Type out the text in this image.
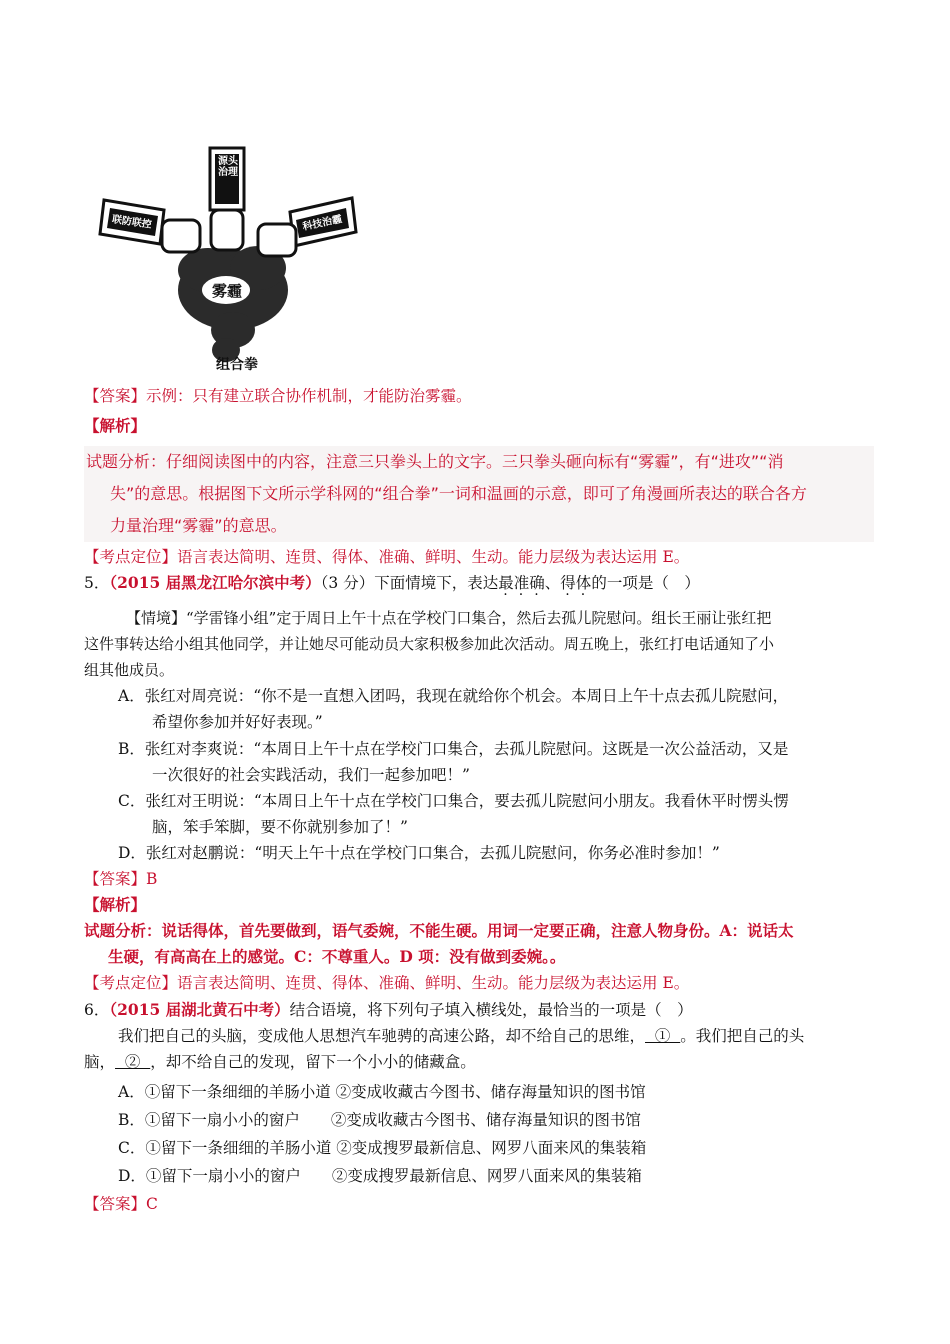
雾霾
源头治理
联防联控	科技治霾
组合拳
【答案】示例：只有建立联合协作机制，才能防治雾霾。
【解析】
试题分析：仔细阅读图中的内容，注意三只拳头上的文字。三只拳头砸向标有“雾霾”，有“进攻”“消
失”的意思。根据图下文所示学科网的“组合拳”一词和温画的示意，即可了角漫画所表达的联合各方
力量治理“雾霾”的意思。
【考点定位】语言表达简明、连贯、得体、准确、鲜明、生动。能力层级为表达运用 E。
5．（2015 届黑龙江哈尔滨中考）（3 分）下面情境下，表达最准确、得体的一项是（　）
【情境】“学雷锋小组”定于周日上午十点在学校门口集合，然后去孤儿院慰问。组长王丽让张红把
这件事转达给小组其他同学，并让她尽可能动员大家积极参加此次活动。周五晚上，张红打电话通知了小
组其他成员。
A．张红对周亮说：“你不是一直想入团吗，我现在就给你个机会。本周日上午十点去孤儿院慰问，
希望你参加并好好表现。”
B．张红对李爽说：“本周日上午十点在学校门口集合，去孤儿院慰问。这既是一次公益活动，又是
一次很好的社会实践活动，我们一起参加吧！”
C．张红对王明说：“本周日上午十点在学校门口集合，要去孤儿院慰问小朋友。我看休平时愣头愣
脑，笨手笨脚，要不你就别参加了！”
D．张红对赵鹏说：“明天上午十点在学校门口集合，去孤儿院慰问，你务必准时参加！”
【答案】B
【解析】
试题分析：说话得体，首先要做到，语气委婉，不能生硬。用词一定要正确，注意人物身份。A：说话太
生硬，有高高在上的感觉。C：不尊重人。D 项：没有做到委婉。。
【考点定位】语言表达简明、连贯、得体、准确、鲜明、生动。能力层级为表达运用 E。
6．（2015 届湖北黄石中考）结合语境，将下列句子填入横线处，最恰当的一项是（　）
我们把自己的头脑，变成他人思想汽车驰骋的高速公路，却不给自己的思维，  ①  。我们把自己的头
脑，  ②  ，却不给自己的发现，留下一个小小的储藏盒。
A．①留下一条细细的羊肠小道 ②变成收藏古今图书、储存海量知识的图书馆
B．①留下一扇小小的窗户　　②变成收藏古今图书、储存海量知识的图书馆
C．①留下一条细细的羊肠小道 ②变成搜罗最新信息、网罗八面来风的集装箱
D．①留下一扇小小的窗户　　②变成搜罗最新信息、网罗八面来风的集装箱
【答案】C
